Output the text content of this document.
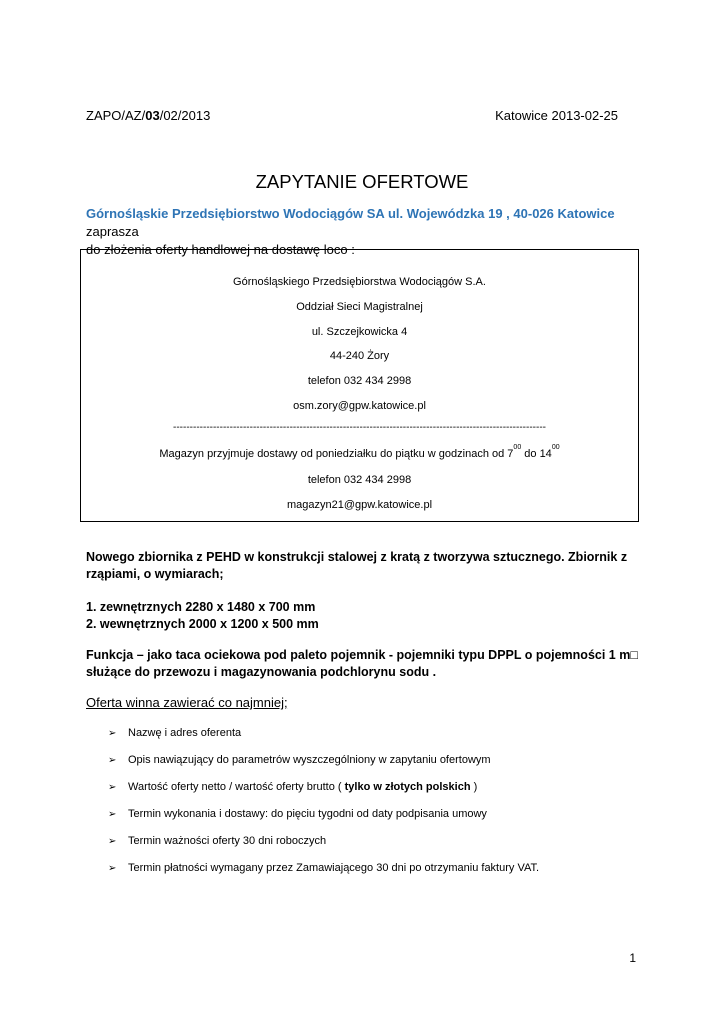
ZAPO/AZ/03/02/2013	Katowice 2013-02-25
ZAPYTANIE OFERTOWE
Górnośląskie Przedsiębiorstwo Wodociągów SA ul. Wojewódzka 19 , 40-026 Katowice zaprasza
do złożenia oferty handlowej na dostawę loco :
Górnośląskiego Przedsiębiorstwa Wodociągów S.A.
Oddział Sieci Magistralnej
ul. Szczejkowicka 4
44-240 Żory
telefon 032 434 2998
osm.zory@gpw.katowice.pl
----------------------------------------------------------------------------------------------------------------
Magazyn przyjmuje dostawy od poniedziałku do piątku w godzinach od $7^{00}$ do $14^{00}$
telefon 032 434 2998
magazyn21@gpw.katowice.pl
Nowego zbiornika z PEHD w konstrukcji stalowej z kratą z tworzywa sztucznego. Zbiornik z
rząpiami, o wymiarach;
1. zewnętrznych 2280 x 1480 x 700 mm
2. wewnętrznych 2000 x 1200 x 500 mm
Funkcja – jako taca ociekowa pod paleto pojemnik - pojemniki typu DPPL o pojemności 1 m□
służące do przewozu i magazynowania podchlorynu sodu .
Oferta winna zawierać co najmniej;
➢ Nazwę i adres oferenta
➢ Opis nawiązujący do parametrów wyszczególniony w zapytaniu ofertowym
➢ Wartość oferty netto / wartość oferty brutto ( tylko w złotych polskich )
➢ Termin wykonania i dostawy: do pięciu tygodni od daty podpisania umowy
➢ Termin ważności oferty 30 dni roboczych
➢ Termin płatności wymagany przez Zamawiającego 30 dni po otrzymaniu faktury VAT.
1
